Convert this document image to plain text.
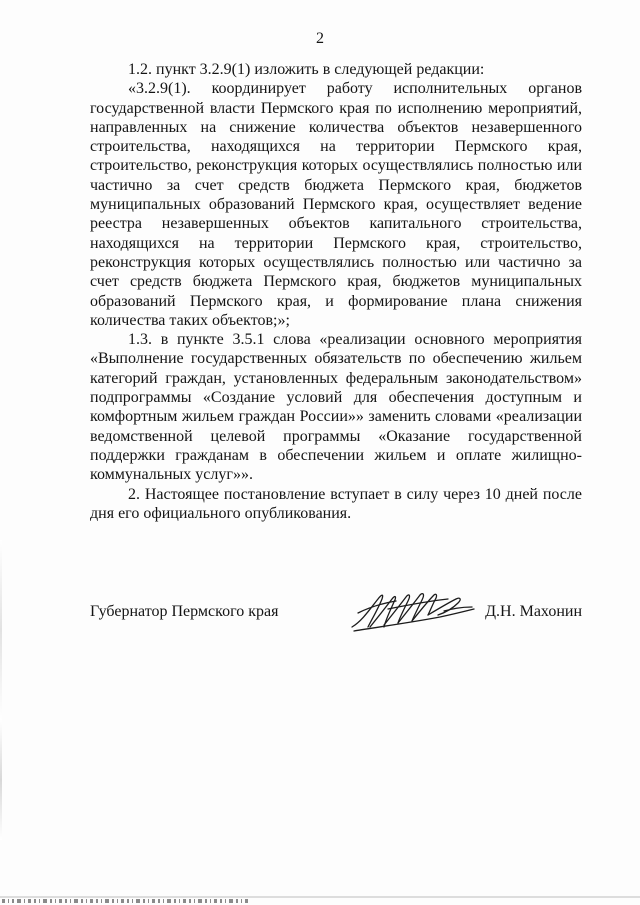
2

1.2. пункт 3.2.9(1) изложить в следующей редакции:

«3.2.9(1). координирует работу исполнительных органов государственной власти Пермского края по исполнению мероприятий, направленных на снижение количества объектов незавершенного строительства, находящихся на территории Пермского края, строительство, реконструкция которых осуществлялись полностью или частично за счет средств бюджета Пермского края, бюджетов муниципальных образований Пермского края, осуществляет ведение реестра незавершенных объектов капитального строительства, находящихся на территории Пермского края, строительство, реконструкция которых осуществлялись полностью или частично за счет средств бюджета Пермского края, бюджетов муниципальных образований Пермского края, и формирование плана снижения количества таких объектов;»;

1.3. в пункте 3.5.1 слова «реализации основного мероприятия «Выполнение государственных обязательств по обеспечению жильем категорий граждан, установленных федеральным законодательством» подпрограммы «Создание условий для обеспечения доступным и комфортным жильем граждан России»» заменить словами «реализации ведомственной целевой программы «Оказание государственной поддержки гражданам в обеспечении жильем и оплате жилищно-коммунальных услуг»».

2. Настоящее постановление вступает в силу через 10 дней после дня его официального опубликования.

Губернатор Пермского края	Д.Н. Махонин
